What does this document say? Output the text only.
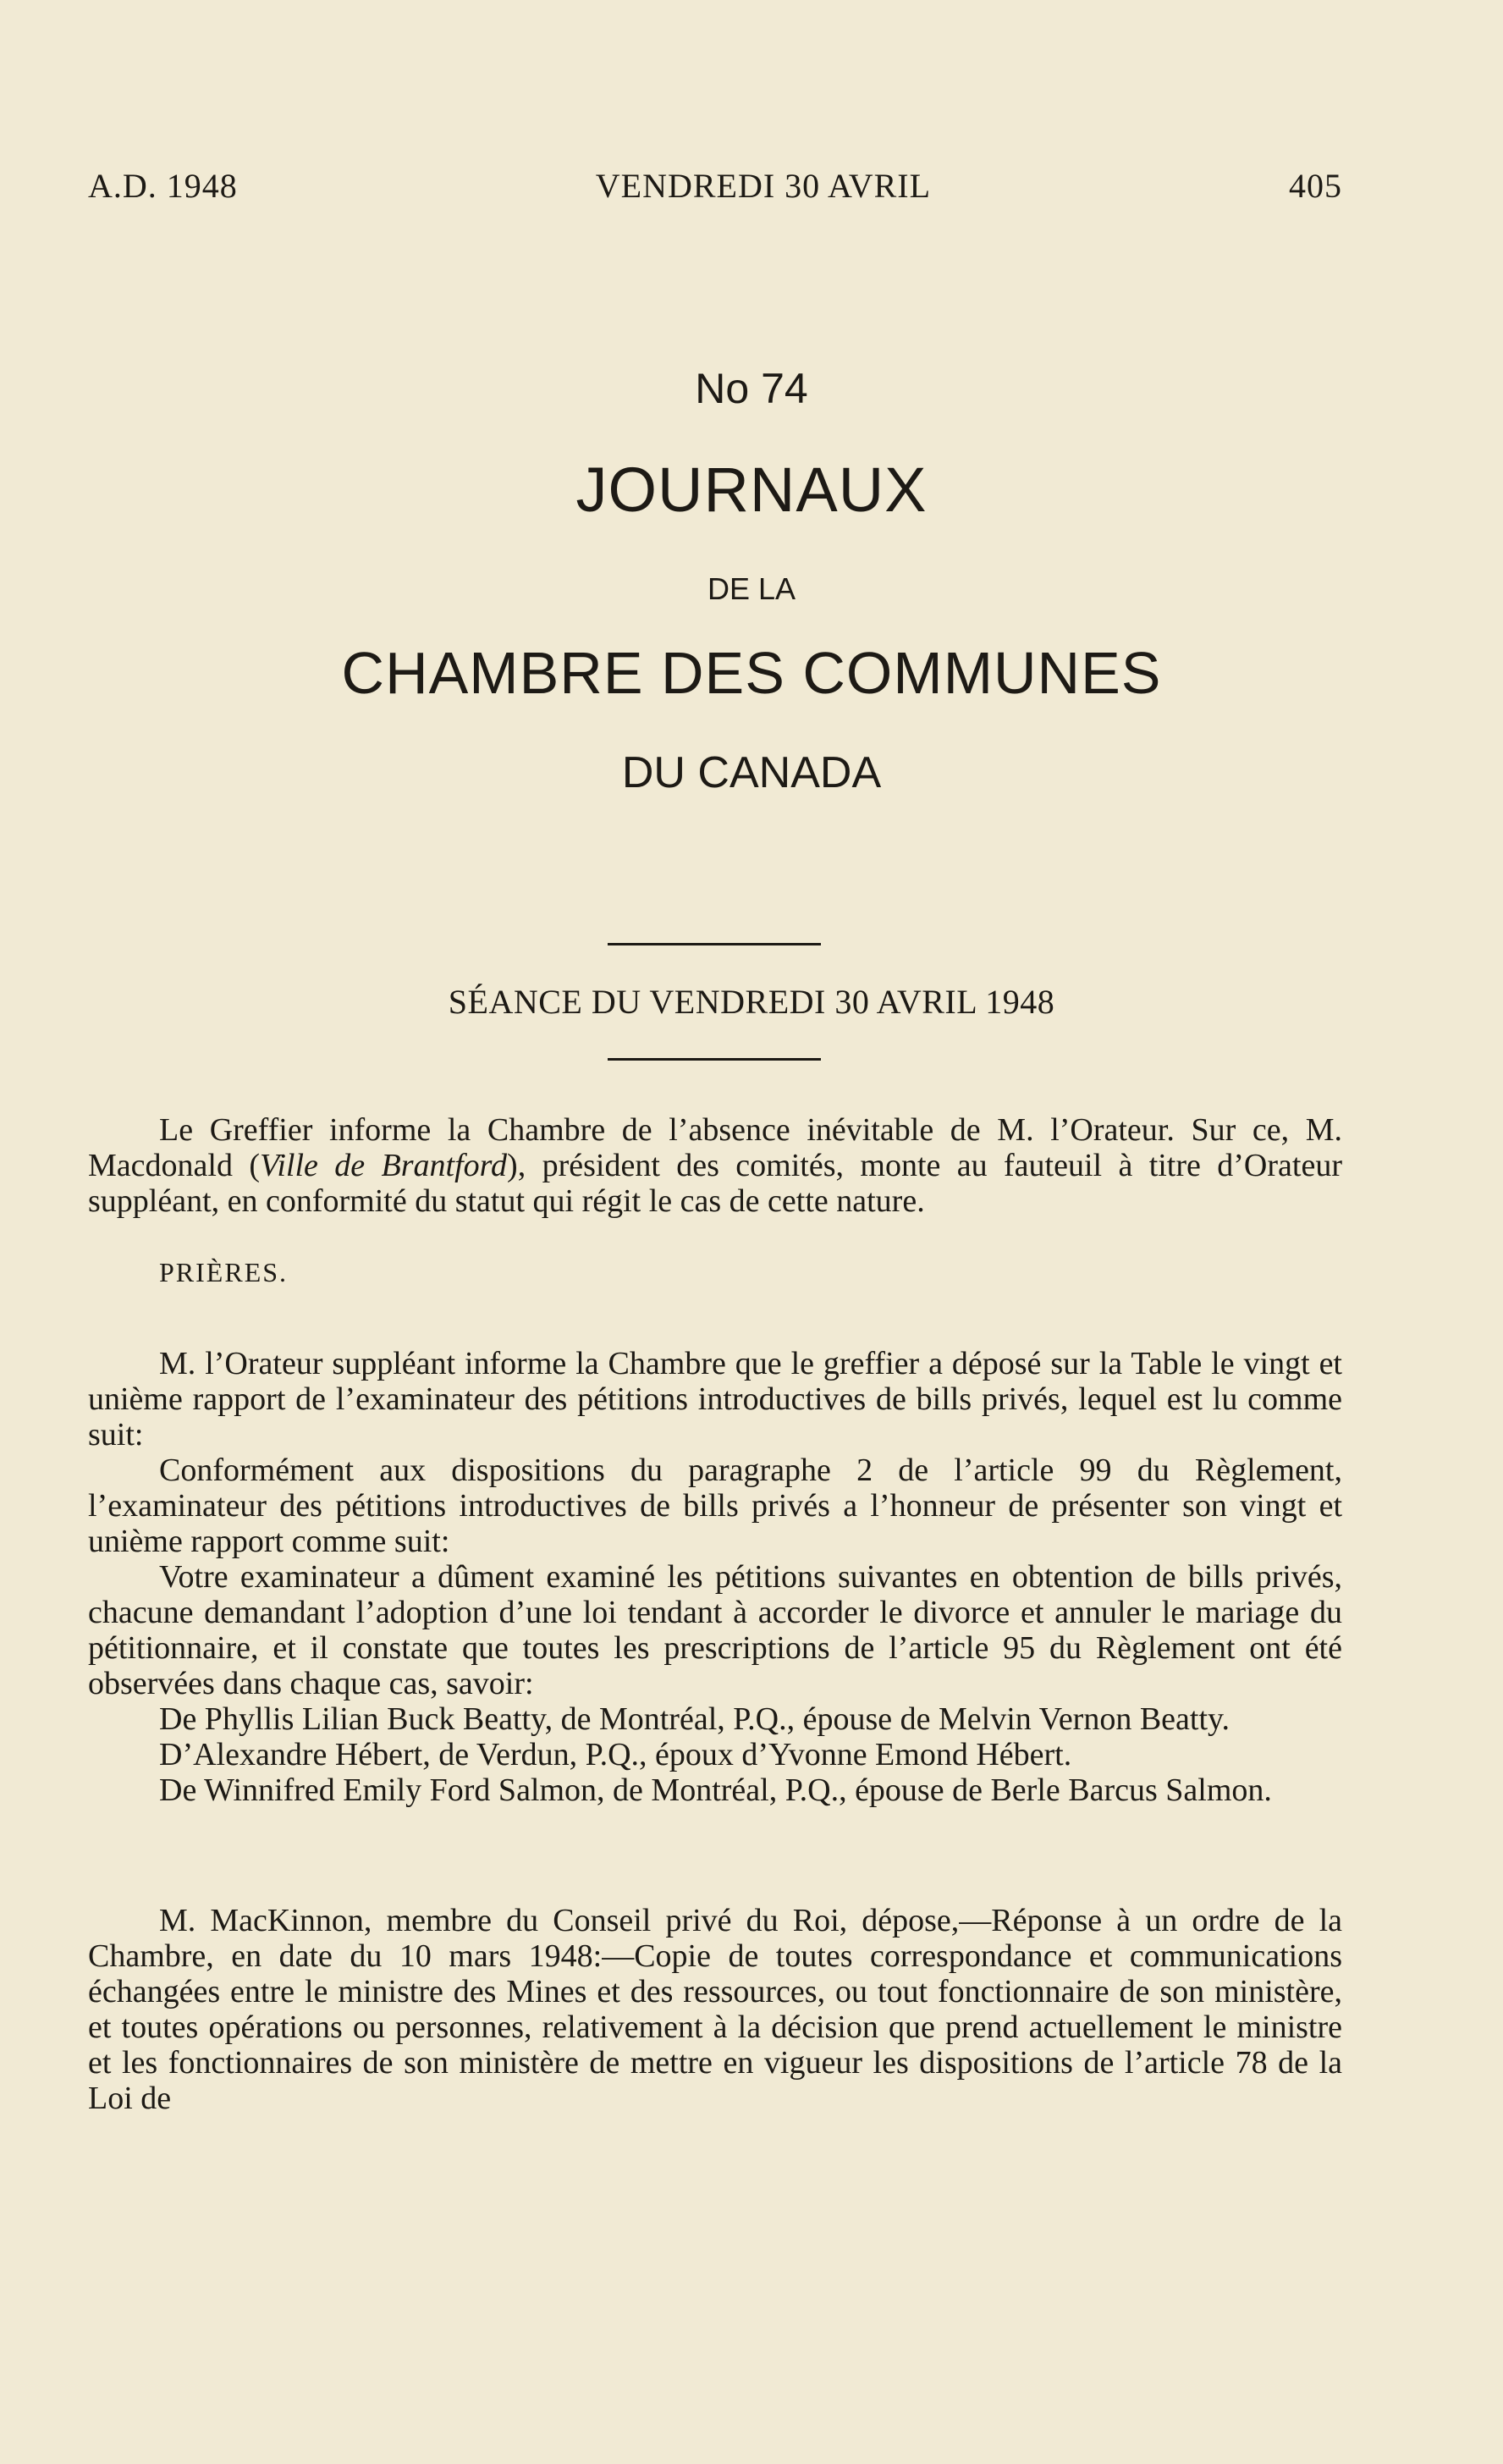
A.D. 1948	VENDREDI 30 AVRIL	405

No 74

JOURNAUX

DE LA

CHAMBRE DES COMMUNES

DU CANADA

SÉANCE DU VENDREDI 30 AVRIL 1948

Le Greffier informe la Chambre de l’absence inévitable de M. l’Orateur. Sur ce, M. Macdonald (Ville de Brantford), président des comités, monte au fauteuil à titre d’Orateur suppléant, en conformité du statut qui régit le cas de cette nature.

PRIÈRES.

M. l’Orateur suppléant informe la Chambre que le greffier a déposé sur la Table le vingt et unième rapport de l’examinateur des pétitions introductives de bills privés, lequel est lu comme suit:

Conformément aux dispositions du paragraphe 2 de l’article 99 du Règlement, l’examinateur des pétitions introductives de bills privés a l’honneur de présenter son vingt et unième rapport comme suit:

Votre examinateur a dûment examiné les pétitions suivantes en obtention de bills privés, chacune demandant l’adoption d’une loi tendant à accorder le divorce et annuler le mariage du pétitionnaire, et il constate que toutes les prescriptions de l’article 95 du Règlement ont été observées dans chaque cas, savoir:

De Phyllis Lilian Buck Beatty, de Montréal, P.Q., épouse de Melvin Vernon Beatty.

D’Alexandre Hébert, de Verdun, P.Q., époux d’Yvonne Emond Hébert.

De Winnifred Emily Ford Salmon, de Montréal, P.Q., épouse de Berle Barcus Salmon.

M. MacKinnon, membre du Conseil privé du Roi, dépose,—Réponse à un ordre de la Chambre, en date du 10 mars 1948:—Copie de toutes correspondance et communications échangées entre le ministre des Mines et des ressources, ou tout fonctionnaire de son ministère, et toutes opérations ou personnes, relativement à la décision que prend actuellement le ministre et les fonctionnaires de son ministère de mettre en vigueur les dispositions de l’article 78 de la Loi de
